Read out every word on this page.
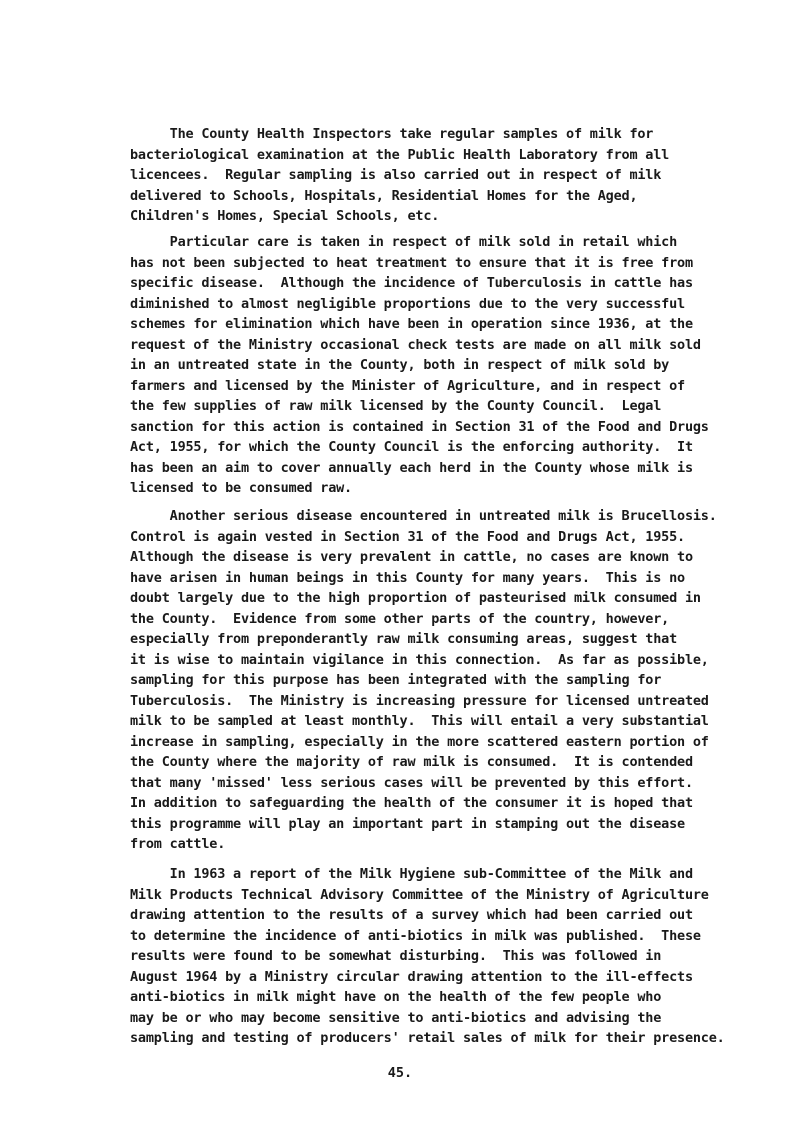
The County Health Inspectors take regular samples of milk for
bacteriological examination at the Public Health Laboratory from all
licencees.  Regular sampling is also carried out in respect of milk
delivered to Schools, Hospitals, Residential Homes for the Aged,
Children's Homes, Special Schools, etc.
Particular care is taken in respect of milk sold in retail which
has not been subjected to heat treatment to ensure that it is free from
specific disease.  Although the incidence of Tuberculosis in cattle has
diminished to almost negligible proportions due to the very successful
schemes for elimination which have been in operation since 1936, at the
request of the Ministry occasional check tests are made on all milk sold
in an untreated state in the County, both in respect of milk sold by
farmers and licensed by the Minister of Agriculture, and in respect of
the few supplies of raw milk licensed by the County Council.  Legal
sanction for this action is contained in Section 31 of the Food and Drugs
Act, 1955, for which the County Council is the enforcing authority.  It
has been an aim to cover annually each herd in the County whose milk is
licensed to be consumed raw.
Another serious disease encountered in untreated milk is Brucellosis.
Control is again vested in Section 31 of the Food and Drugs Act, 1955.
Although the disease is very prevalent in cattle, no cases are known to
have arisen in human beings in this County for many years.  This is no
doubt largely due to the high proportion of pasteurised milk consumed in
the County.  Evidence from some other parts of the country, however,
especially from preponderantly raw milk consuming areas, suggest that
it is wise to maintain vigilance in this connection.  As far as possible,
sampling for this purpose has been integrated with the sampling for
Tuberculosis.  The Ministry is increasing pressure for licensed untreated
milk to be sampled at least monthly.  This will entail a very substantial
increase in sampling, especially in the more scattered eastern portion of
the County where the majority of raw milk is consumed.  It is contended
that many 'missed' less serious cases will be prevented by this effort.
In addition to safeguarding the health of the consumer it is hoped that
this programme will play an important part in stamping out the disease
from cattle.
In 1963 a report of the Milk Hygiene sub-Committee of the Milk and
Milk Products Technical Advisory Committee of the Ministry of Agriculture
drawing attention to the results of a survey which had been carried out
to determine the incidence of anti-biotics in milk was published.  These
results were found to be somewhat disturbing.  This was followed in
August 1964 by a Ministry circular drawing attention to the ill-effects
anti-biotics in milk might have on the health of the few people who
may be or who may become sensitive to anti-biotics and advising the
sampling and testing of producers' retail sales of milk for their presence.
45.
